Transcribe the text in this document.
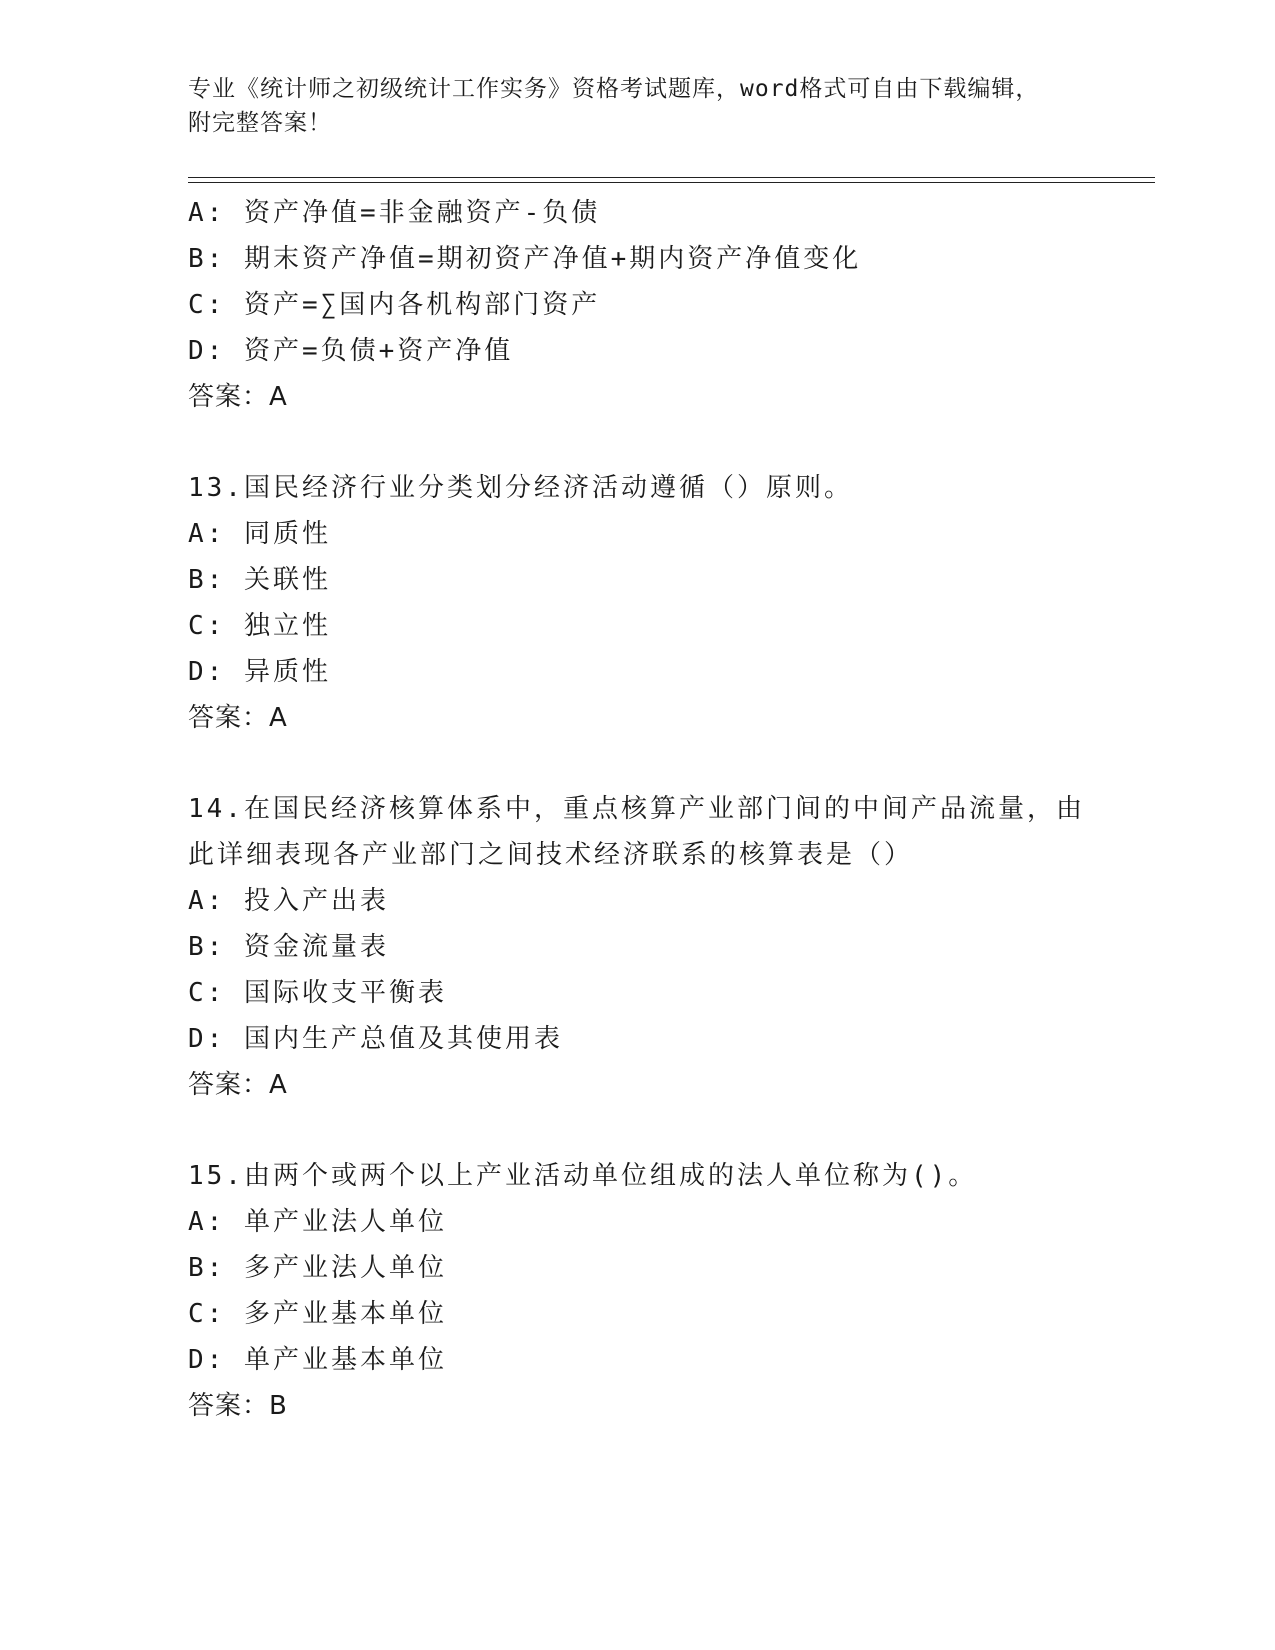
专业《统计师之初级统计工作实务》资格考试题库，word格式可自由下载编辑，
附完整答案！
A: 资产净值=非金融资产-负债
B: 期末资产净值=期初资产净值+期内资产净值变化
C: 资产=∑国内各机构部门资产
D: 资产=负债+资产净值
答案：A
13.国民经济行业分类划分经济活动遵循（）原则。
A: 同质性
B: 关联性
C: 独立性
D: 异质性
答案：A
14.在国民经济核算体系中，重点核算产业部门间的中间产品流量，由
此详细表现各产业部门之间技术经济联系的核算表是（）
A: 投入产出表
B: 资金流量表
C: 国际收支平衡表
D: 国内生产总值及其使用表
答案：A
15.由两个或两个以上产业活动单位组成的法人单位称为()。
A: 单产业法人单位
B: 多产业法人单位
C: 多产业基本单位
D: 单产业基本单位
答案：B
